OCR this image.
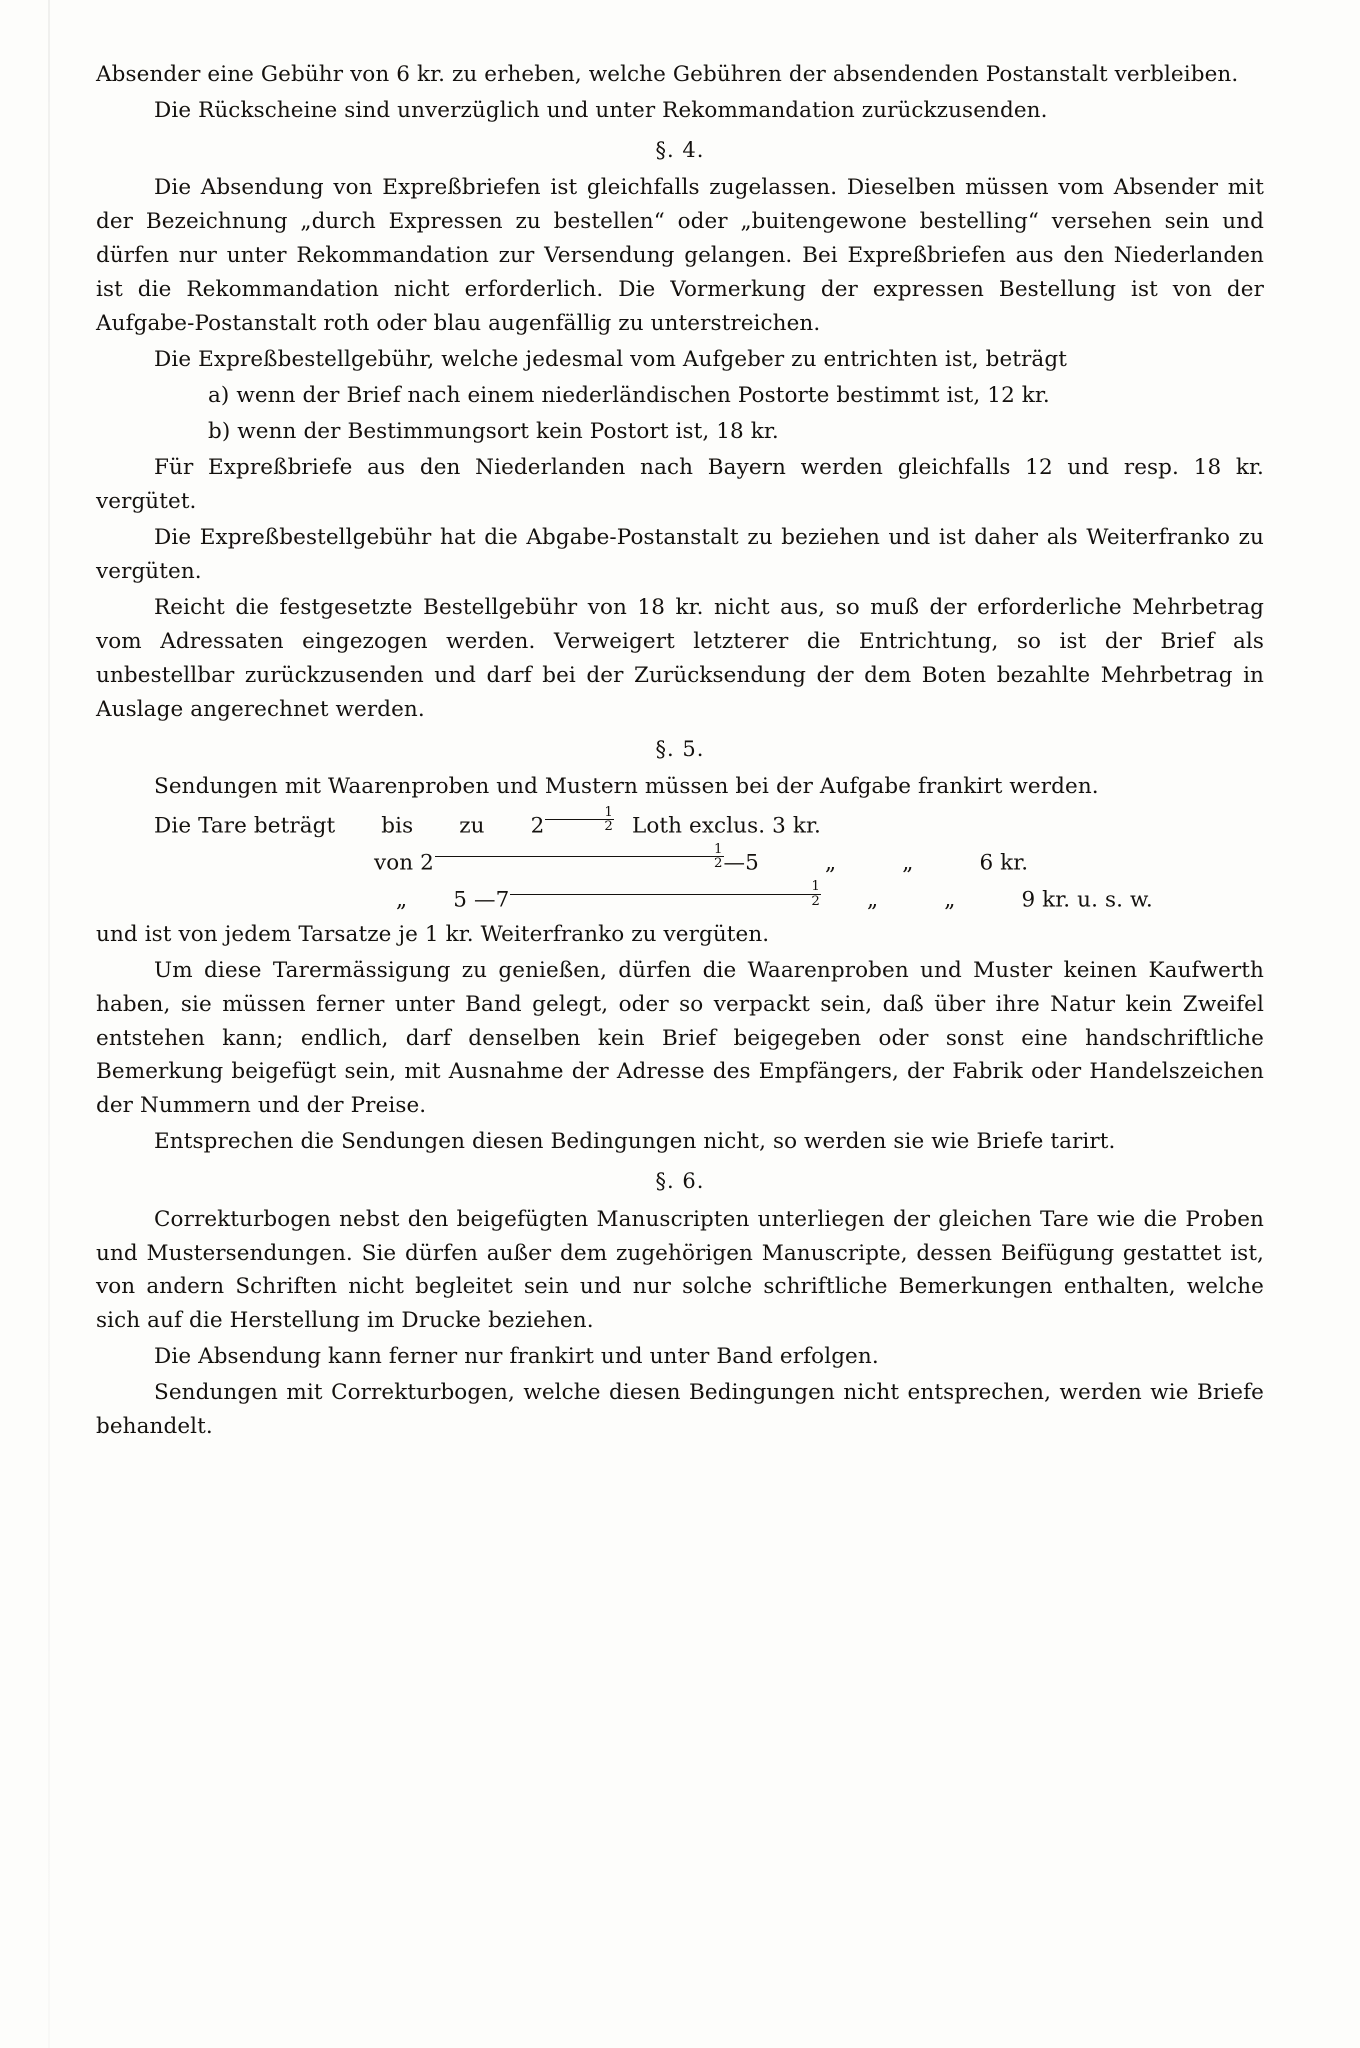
Absender eine Gebühr von 6 kr. zu erheben, welche Gebühren der absendenden Postanstalt verbleiben.

Die Rückscheine sind unverzüglich und unter Rekommandation zurückzusenden.

§. 4.

Die Absendung von Expreßbriefen ist gleichfalls zugelassen. Dieselben müssen vom Absender mit der Bezeichnung „durch Expressen zu bestellen“ oder „buitengewone bestelling“ versehen sein und dürfen nur unter Rekommandation zur Versendung gelangen. Bei Expreßbriefen aus den Niederlanden ist die Rekommandation nicht erforderlich. Die Vormerkung der expressen Bestellung ist von der Aufgabe-Postanstalt roth oder blau augenfällig zu unterstreichen.

Die Expreßbestellgebühr, welche jedesmal vom Aufgeber zu entrichten ist, beträgt

a) wenn der Brief nach einem niederländischen Postorte bestimmt ist, 12 kr.

b) wenn der Bestimmungsort kein Postort ist, 18 kr.

Für Expreßbriefe aus den Niederlanden nach Bayern werden gleichfalls 12 und resp. 18 kr. vergütet.

Die Expreßbestellgebühr hat die Abgabe-Postanstalt zu beziehen und ist daher als Weiterfranko zu vergüten.

Reicht die festgesetzte Bestellgebühr von 18 kr. nicht aus, so muß der erforderliche Mehrbetrag vom Adressaten eingezogen werden. Verweigert letzterer die Entrichtung, so ist der Brief als unbestellbar zurückzusenden und darf bei der Zurücksendung der dem Boten bezahlte Mehrbetrag in Auslage angerechnet werden.

§. 5.

Sendungen mit Waarenproben und Mustern müssen bei der Aufgabe frankirt werden.

Die Tare beträgt bis zu $2 \frac{1}{2}$ Loth exclus. 3 kr.

von $2 \frac{1}{2}$ —5	„	„	6 kr.

„ 5 —7 $\frac{1}{2}$ „	„	9 kr. u. s. w.

und ist von jedem Tarsatze je 1 kr. Weiterfranko zu vergüten.

Um diese Tarermässigung zu genießen, dürfen die Waarenproben und Muster keinen Kaufwerth haben, sie müssen ferner unter Band gelegt, oder so verpackt sein, daß über ihre Natur kein Zweifel entstehen kann; endlich, darf denselben kein Brief beigegeben oder sonst eine handschriftliche Bemerkung beigefügt sein, mit Ausnahme der Adresse des Empfängers, der Fabrik oder Handelszeichen der Nummern und der Preise.

Entsprechen die Sendungen diesen Bedingungen nicht, so werden sie wie Briefe tarirt.

§. 6.

Correkturbogen nebst den beigefügten Manuscripten unterliegen der gleichen Tare wie die Proben und Mustersendungen. Sie dürfen außer dem zugehörigen Manuscripte, dessen Beifügung gestattet ist, von andern Schriften nicht begleitet sein und nur solche schriftliche Bemerkungen enthalten, welche sich auf die Herstellung im Drucke beziehen.

Die Absendung kann ferner nur frankirt und unter Band erfolgen.

Sendungen mit Correkturbogen, welche diesen Bedingungen nicht entsprechen, werden wie Briefe behandelt.
